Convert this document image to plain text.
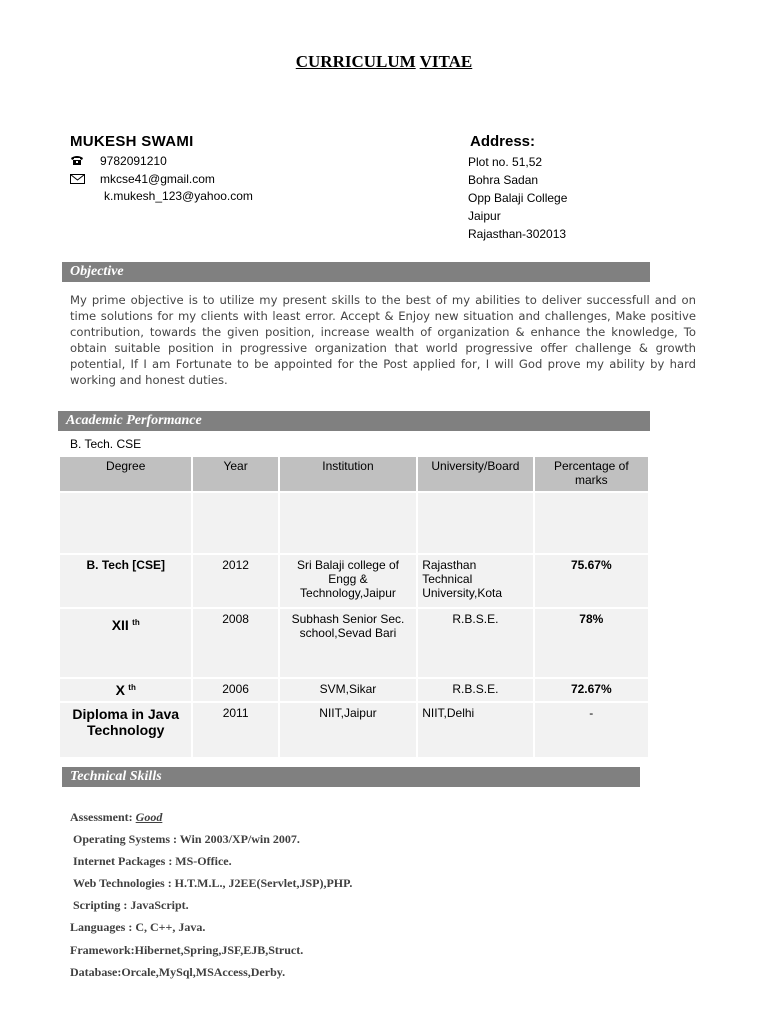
CURRICULUM VITAE
MUKESH SWAMI
9782091210
mkcse41@gmail.com
k.mukesh_123@yahoo.com
Address:
Plot no. 51,52
Bohra Sadan
Opp Balaji College
Jaipur
Rajasthan-302013
Objective
My prime objective is to utilize my present skills to the best of my abilities to deliver successfull and on time solutions for my clients with least error. Accept & Enjoy new situation and challenges, Make positive contribution, towards the given position, increase wealth of organization & enhance the knowledge, To obtain suitable position in progressive organization that world progressive offer challenge & growth potential, If I am Fortunate to be appointed for the Post applied for, I will God prove my ability by hard working and honest duties.
Academic Performance
B. Tech. CSE
Degree	Year	Institution	University/Board	Percentage of marks

B. Tech [CSE]	2012	Sri Balaji college of Engg & Technology,Jaipur	Rajasthan Technical University,Kota	75.67%
XII $^{th}$	2008	Subhash Senior Sec. school,Sevad Bari	R.B.S.E.	78%
X $^{th}$	2006	SVM,Sikar	R.B.S.E.	72.67%
Diploma in Java Technology	2011	NIIT,Jaipur	NIIT,Delhi	-
Technical Skills
Assessment: Good
Operating Systems : Win 2003/XP/win 2007.
Internet Packages : MS-Office.
Web Technologies : H.T.M.L., J2EE(Servlet,JSP),PHP.
Scripting : JavaScript.
Languages : C, C++, Java.
Framework:Hibernet,Spring,JSF,EJB,Struct.
Database:Orcale,MySql,MSAccess,Derby.
